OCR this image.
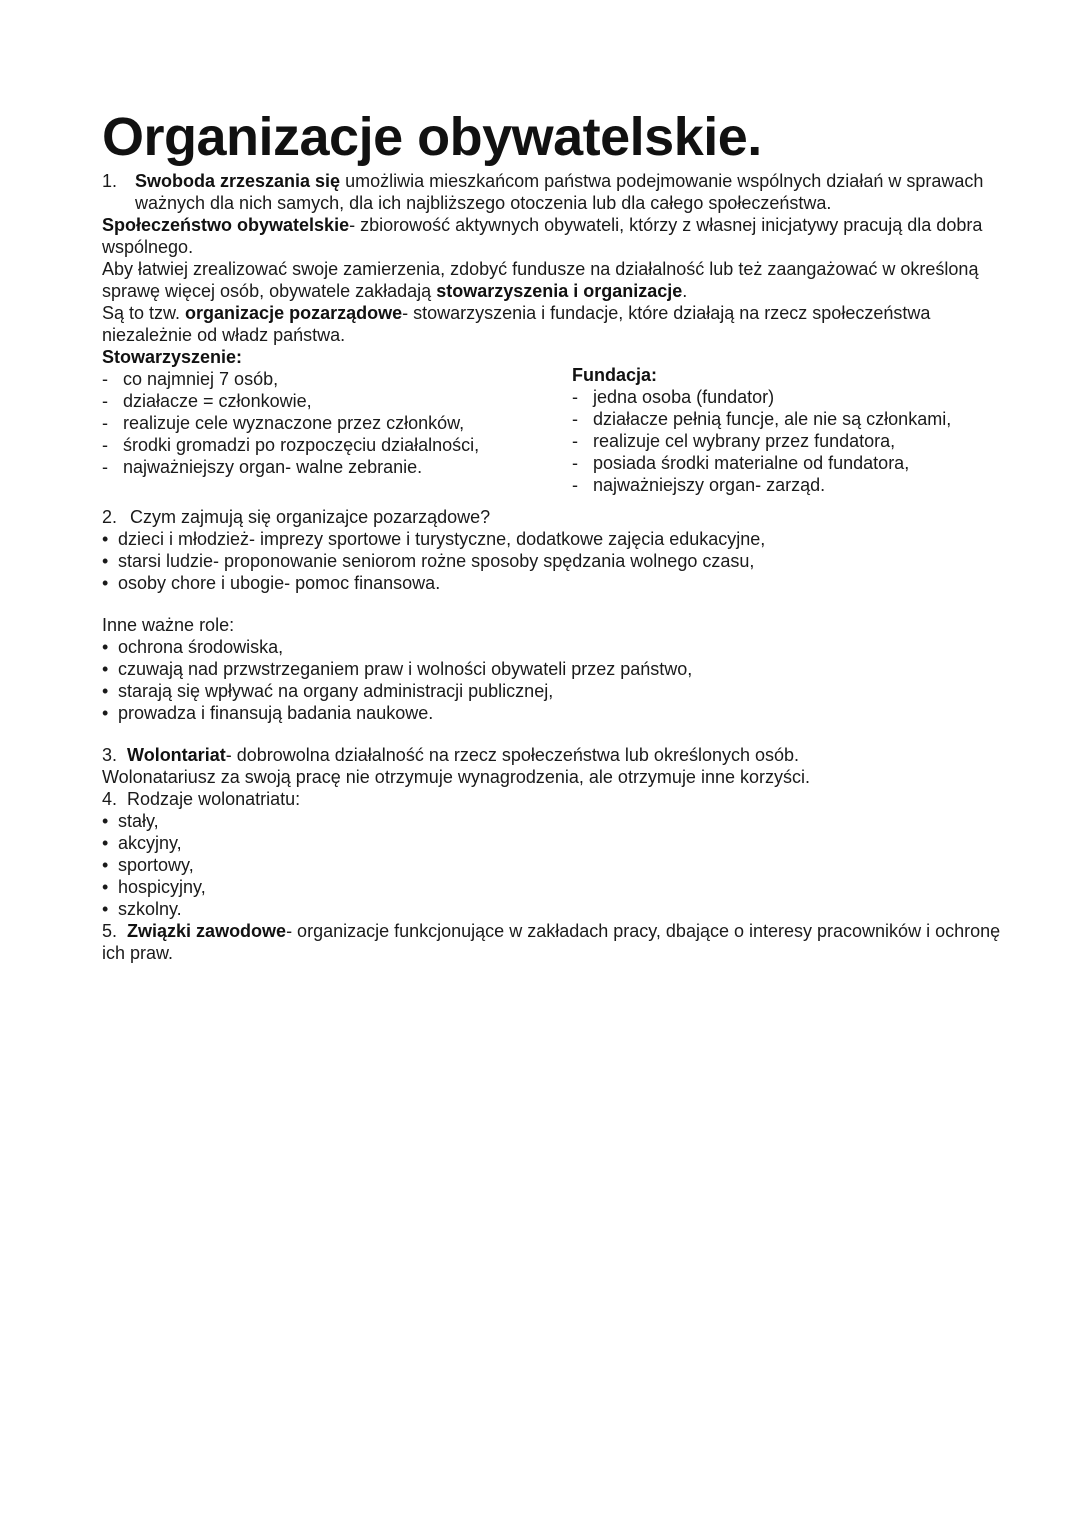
Organizacje obywatelskie.
1. Swoboda zrzeszania się umożliwia mieszkańcom państwa podejmowanie wspólnych działań w sprawach ważnych dla nich samych, dla ich najbliższego otoczenia lub dla całego społeczeństwa.

Społeczeństwo obywatelskie- zbiorowość aktywnych obywateli, którzy z własnej inicjatywy pracują dla dobra wspólnego.

Aby łatwiej zrealizować swoje zamierzenia, zdobyć fundusze na działalność lub też zaangażować w określoną sprawę więcej osób, obywatele zakładają stowarzyszenia i organizacje.

Są to tzw. organizacje pozarządowe- stowarzyszenia i fundacje, które działają na rzecz społeczeństwa niezależnie od władz państwa.

Stowarzyszenie:
- co najmniej 7 osób,
- działacze = członkowie,
- realizuje cele wyznaczone przez członków,
- środki gromadzi po rozpoczęciu działalności,
- najważniejszy organ- walne zebranie.
Fundacja:
- jedna osoba (fundator)
- działacze pełnią funcje, ale nie są członkami,
- realizuje cel wybrany przez fundatora,
- posiada środki materialne od fundatora,
- najważniejszy organ- zarząd.
2. Czym zajmują się organizajce pozarządowe?
• dzieci i młodzież- imprezy sportowe i turystyczne, dodatkowe zajęcia edukacyjne,
• starsi ludzie- proponowanie seniorom rożne sposoby spędzania wolnego czasu,
• osoby chore i ubogie- pomoc finansowa.

Inne ważne role:

• ochrona środowiska,
• czuwają nad przwstrzeganiem praw i wolności obywateli przez państwo,
• starają się wpływać na organy administracji publicznej,
• prowadza i finansują badania naukowe.

3. Wolontariat- dobrowolna działalność na rzecz społeczeństwa lub określonych osób.

Wolonatariusz za swoją pracę nie otrzymuje wynagrodzenia, ale otrzymuje inne korzyści.

4. Rodzaje wolonatriatu:

• stały,
• akcyjny,
• sportowy,
• hospicyjny,
• szkolny.

5. Związki zawodowe- organizacje funkcjonujące w zakładach pracy, dbające o interesy pracowników i ochronę ich praw.
